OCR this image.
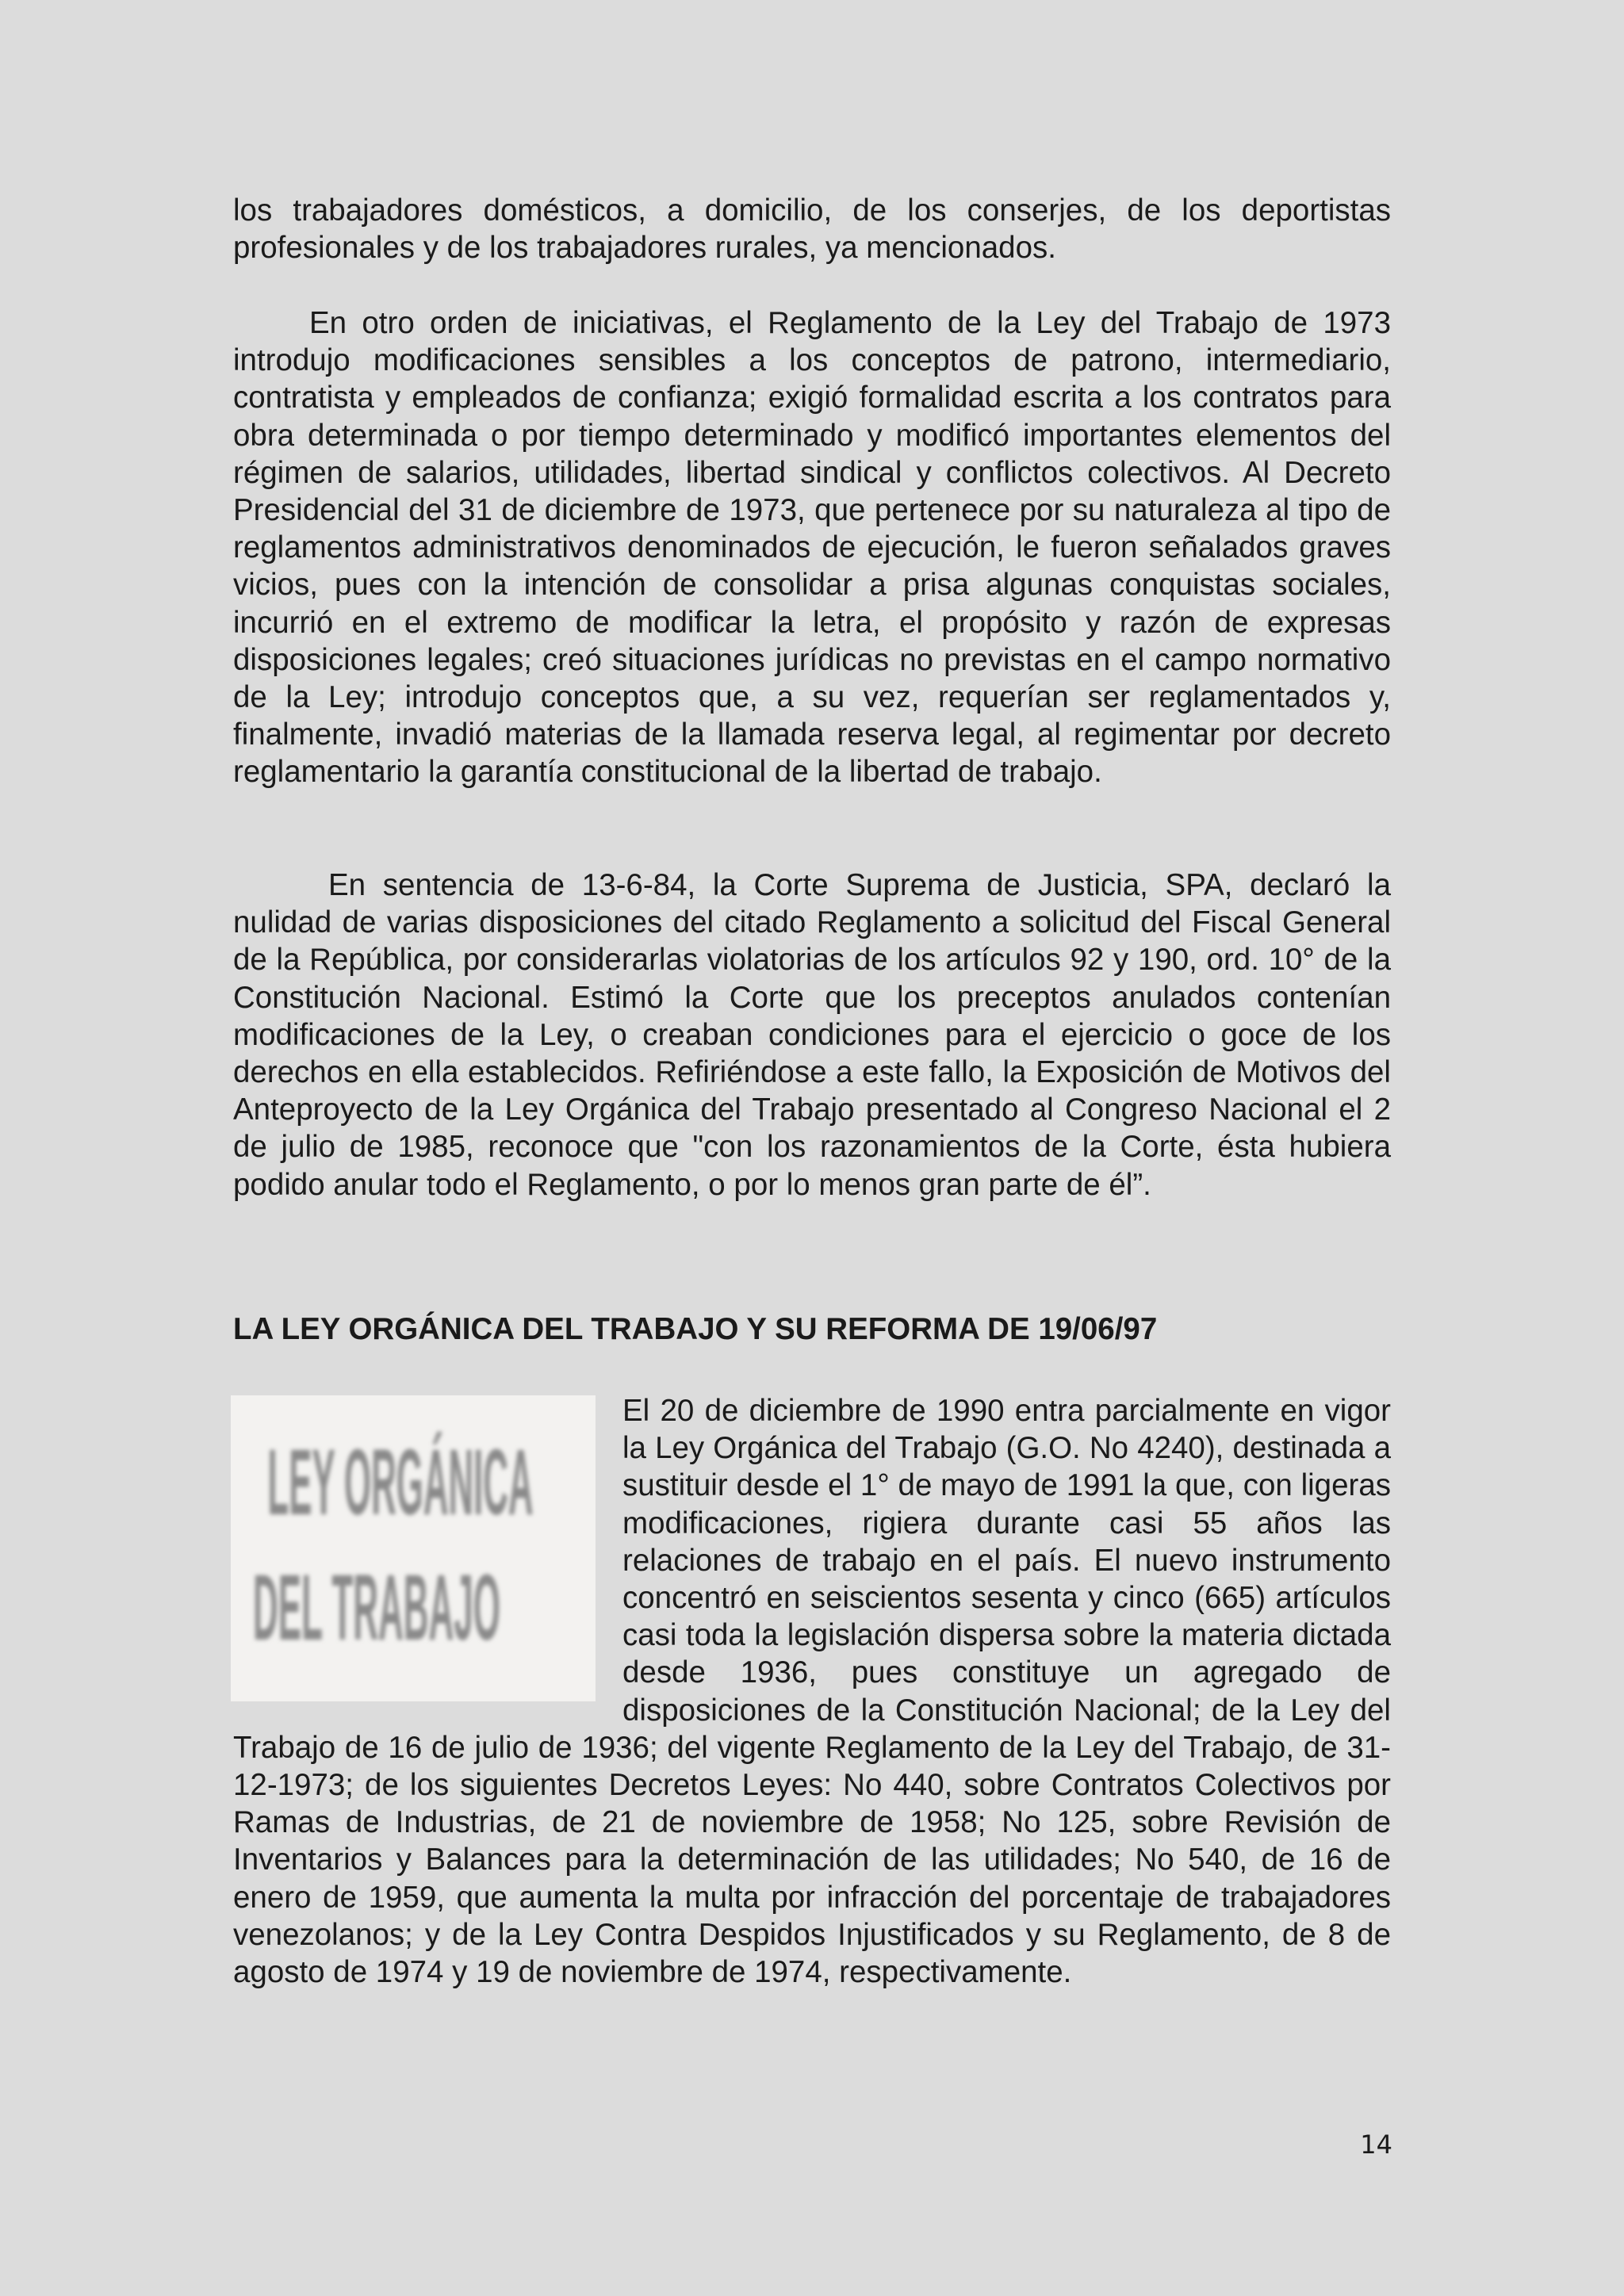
los trabajadores domésticos, a domicilio, de los conserjes, de los deportistas profesionales y de los trabajadores rurales, ya mencionados.

En otro orden de iniciativas, el Reglamento de la Ley del Trabajo de 1973 introdujo modificaciones sensibles a los conceptos de patrono, intermediario, contratista y empleados de confianza; exigió formalidad escrita a los contratos para obra determinada o por tiempo determinado y modificó importantes elementos del régimen de salarios, utilidades, libertad sindical y conflictos colectivos. Al Decreto Presidencial del 31 de diciembre de 1973, que pertenece por su naturaleza al tipo de reglamentos administrativos denominados de ejecución, le fueron señalados graves vicios, pues con la intención de consolidar a prisa algunas conquistas sociales, incurrió en el extremo de modificar la letra, el propósito y razón de expresas disposiciones legales; creó situaciones jurídicas no previstas en el campo normativo de la Ley; introdujo conceptos que, a su vez, requerían ser reglamentados y, finalmente, invadió materias de la llamada reserva legal, al regimentar por decreto reglamentario la garantía constitucional de la libertad de trabajo.

En sentencia de 13-6-84, la Corte Suprema de Justicia, SPA, declaró la nulidad de varias disposiciones del citado Reglamento a solicitud del Fiscal General de la República, por considerarlas violatorias de los artículos 92 y 190, ord. 10° de la Constitución Nacional. Estimó la Corte que los preceptos anulados contenían modificaciones de la Ley, o creaban condiciones para el ejercicio o goce de los derechos en ella establecidos. Refiriéndose a este fallo, la Exposición de Motivos del Anteproyecto de la Ley Orgánica del Trabajo presentado al Congreso Nacional el 2 de julio de 1985, reconoce que "con los razonamientos de la Corte, ésta hubiera podido anular todo el Reglamento, o por lo menos gran parte de él”.

LA LEY ORGÁNICA DEL TRABAJO Y SU REFORMA DE 19/06/97
LEY ORGÁNICA
DEL TRABAJO

El 20 de diciembre de 1990 entra parcialmente en vigor la Ley Orgánica del Trabajo (G.O. No 4240), destinada a sustituir desde el 1° de mayo de 1991 la que, con ligeras modificaciones, rigiera durante casi 55 años las relaciones de trabajo en el país. El nuevo instrumento concentró en seiscientos sesenta y cinco (665) artículos casi toda la legislación dispersa sobre la materia dictada desde 1936, pues constituye un agregado de disposiciones de la Constitución Nacional; de la Ley del Trabajo de 16 de julio de 1936; del vigente Reglamento de la Ley del Trabajo, de 31-12-1973; de los siguientes Decretos Leyes: No 440, sobre Contratos Colectivos por Ramas de Industrias, de 21 de noviembre de 1958; No 125, sobre Revisión de Inventarios y Balances para la determinación de las utilidades; No 540, de 16 de enero de 1959, que aumenta la multa por infracción del porcentaje de trabajadores venezolanos; y de la Ley Contra Despidos Injustificados y su Reglamento, de 8 de agosto de 1974 y 19 de noviembre de 1974, respectivamente.

14
